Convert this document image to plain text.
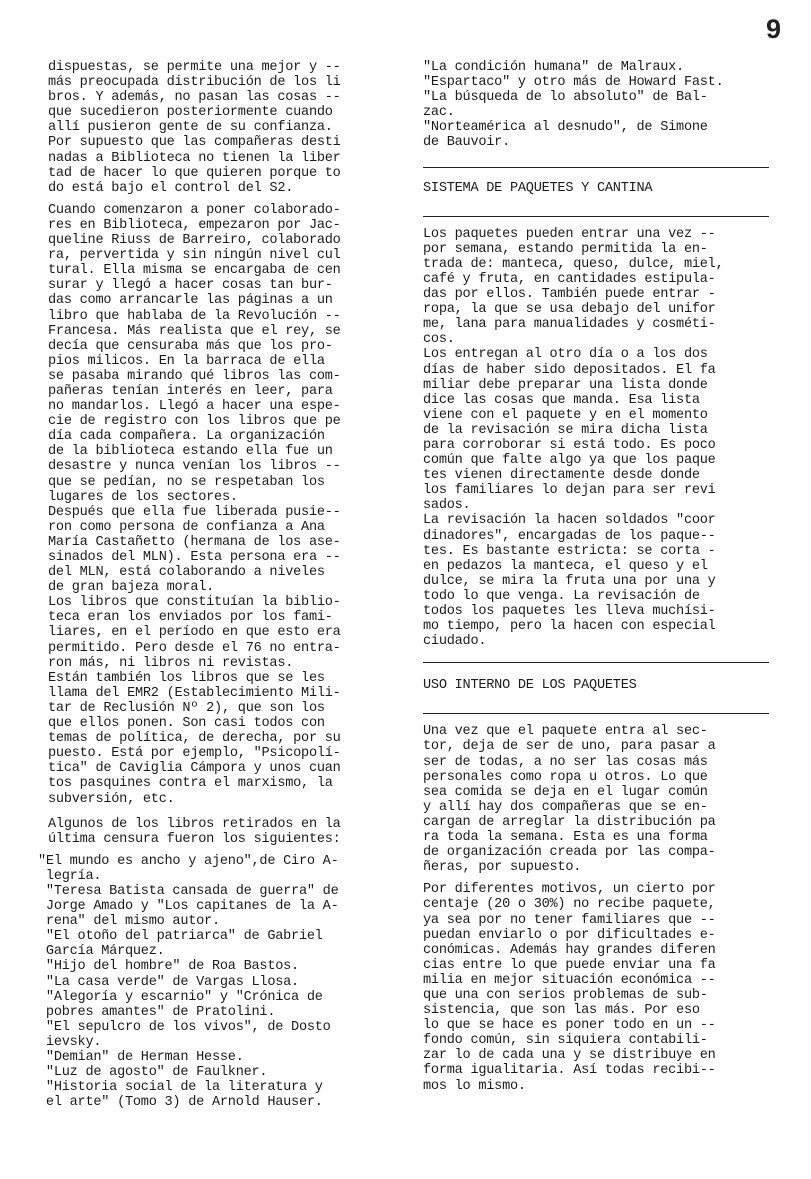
9

dispuestas, se permite una mejor y --
más preocupada distribución de los li
bros. Y además, no pasan las cosas --
que sucedieron posteriormente cuando
allí pusieron gente de su confianza.
Por supuesto que las compañeras desti
nadas a Biblioteca no tienen la liber
tad de hacer lo que quieren porque to
do está bajo el control del S2.

Cuando comenzaron a poner colaborado-
res en Biblioteca, empezaron por Jac-
queline Riuss de Barreiro, colaborado
ra, pervertida y sin ningún nivel cul
tural. Ella misma se encargaba de cen
surar y llegó a hacer cosas tan bur-
das como arrancarle las páginas a un
libro que hablaba de la Revolución --
Francesa. Más realista que el rey, se
decía que censuraba más que los pro-
pios milicos. En la barraca de ella
se pasaba mirando qué libros las com-
pañeras tenían interés en leer, para
no mandarlos. Llegó a hacer una espe-
cie de registro con los libros que pe
día cada compañera. La organización
de la biblioteca estando ella fue un
desastre y nunca venían los libros --
que se pedían, no se respetaban los
lugares de los sectores.
Después que ella fue liberada pusie--
ron como persona de confianza a Ana
María Castañetto (hermana de los ase-
sinados del MLN). Esta persona era --
del MLN, está colaborando a niveles
de gran bajeza moral.
Los libros que constituían la biblio-
teca eran los enviados por los fami-
liares, en el período en que esto era
permitido. Pero desde el 76 no entra-
ron más, ni libros ni revistas.
Están también los libros que se les
llama del EMR2 (Establecimiento Mili-
tar de Reclusión Nº 2), que son los
que ellos ponen. Son casi todos con
temas de política, de derecha, por su
puesto. Está por ejemplo, "Psicopolí-
tica" de Caviglia Cámpora y unos cuan
tos pasquines contra el marxismo, la
subversión, etc.

Algunos de los libros retirados en la
última censura fueron los siguientes:

"El mundo es ancho y ajeno",de Ciro A-
legría.
"Teresa Batista cansada de guerra" de
Jorge Amado y "Los capitanes de la A-
rena" del mismo autor.
"El otoño del patriarca" de Gabriel
García Márquez.
"Hijo del hombre" de Roa Bastos.
"La casa verde" de Vargas Llosa.
"Alegoría y escarnio" y "Crónica de
pobres amantes" de Pratolini.
"El sepulcro de los vivos", de Dosto
ievsky.
"Demian" de Herman Hesse.
"Luz de agosto" de Faulkner.
"Historia social de la literatura y
el arte" (Tomo 3) de Arnold Hauser.

"La condición humana" de Malraux.
"Espartaco" y otro más de Howard Fast.
"La búsqueda de lo absoluto" de Bal-
zac.
"Norteamérica al desnudo", de Simone
de Bauvoir.

SISTEMA DE PAQUETES Y CANTINA

Los paquetes pueden entrar una vez --
por semana, estando permitida la en-
trada de: manteca, queso, dulce, miel,
café y fruta, en cantidades estipula-
das por ellos. También puede entrar -
ropa, la que se usa debajo del unifor
me, lana para manualidades y cosméti-
cos.
Los entregan al otro día o a los dos
días de haber sido depositados. El fa
miliar debe preparar una lista donde
dice las cosas que manda. Esa lista
viene con el paquete y en el momento
de la revisación se mira dicha lista
para corroborar si está todo. Es poco
común que falte algo ya que los paque
tes vienen directamente desde donde
los familiares lo dejan para ser revi
sados.
La revisación la hacen soldados "coor
dinadores", encargadas de los paque--
tes. Es bastante estricta: se corta -
en pedazos la manteca, el queso y el
dulce, se mira la fruta una por una y
todo lo que venga. La revisación de
todos los paquetes les lleva muchísi-
mo tiempo, pero la hacen con especial
ciudado.

USO INTERNO DE LOS PAQUETES

Una vez que el paquete entra al sec-
tor, deja de ser de uno, para pasar a
ser de todas, a no ser las cosas más
personales como ropa u otros. Lo que
sea comida se deja en el lugar común
y allí hay dos compañeras que se en-
cargan de arreglar la distribución pa
ra toda la semana. Esta es una forma
de organización creada por las compa-
ñeras, por supuesto.

Por diferentes motivos, un cierto por
centaje (20 o 30%) no recibe paquete,
ya sea por no tener familiares que --
puedan enviarlo o por dificultades e-
conómicas. Además hay grandes diferen
cias entre lo que puede enviar una fa
milia en mejor situación económica --
que una con serios problemas de sub-
sistencia, que son las más. Por eso
lo que se hace es poner todo en un --
fondo común, sin siquiera contabili-
zar lo de cada una y se distribuye en
forma igualitaria. Así todas recibi--
mos lo mismo.
